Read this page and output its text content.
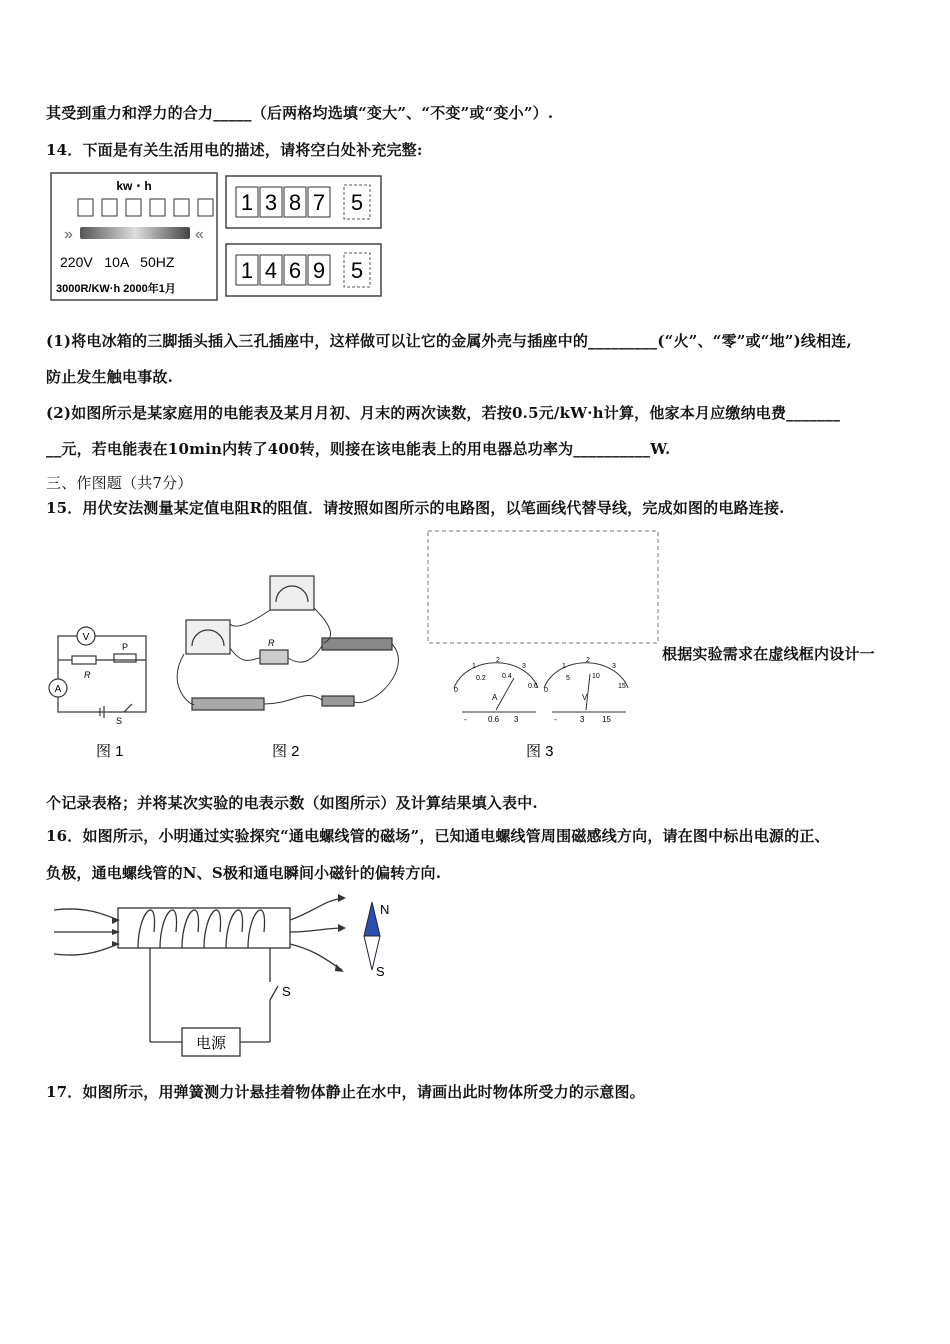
其受到重力和浮力的合力_____（后两格均选填“变大”、“不变”或“变小”）.
14．下面是有关生活用电的描述，请将空白处补充完整:
kw・h
»	«
220V   10A   50HZ
3000R/KW·h 2000年1月
1 3 8 7 5
1 4 6 9 5
(1)将电冰箱的三脚插头插入三孔插座中，这样做可以让它的金属外壳与插座中的_________(“火”、“零”或“地”)线相连,
防止发生触电事故.
(2)如图所示是某家庭用的电能表及某月月初、月末的两次读数，若按0.5元/kW·h计算，他家本月应缴纳电费_______
__元，若电能表在10min内转了400转，则接在该电能表上的用电器总功率为__________W.
三、作图题（共7分）
15．用伏安法测量某定值电阻R的阻值．请按照如图所示的电路图，以笔画线代替导线，完成如图的电路连接.
V
A
R
P
S
图 1
R
图 2
0
0.2 0.4
0.6
1
2
3
A
-	0.6 3
0
5	10
15
1
2
3
V
-	3 15
图 3
根据实验需求在虚线框内设计一
个记录表格；并将某次实验的电表示数（如图所示）及计算结果填入表中.
16．如图所示，小明通过实验探究“通电螺线管的磁场”，已知通电螺线管周围磁感线方向，请在图中标出电源的正、
负极，通电螺线管的N、S极和通电瞬间小磁针的偏转方向.
电源
S
N
S
17．如图所示，用弹簧测力计悬挂着物体静止在水中，请画出此时物体所受力的示意图。
